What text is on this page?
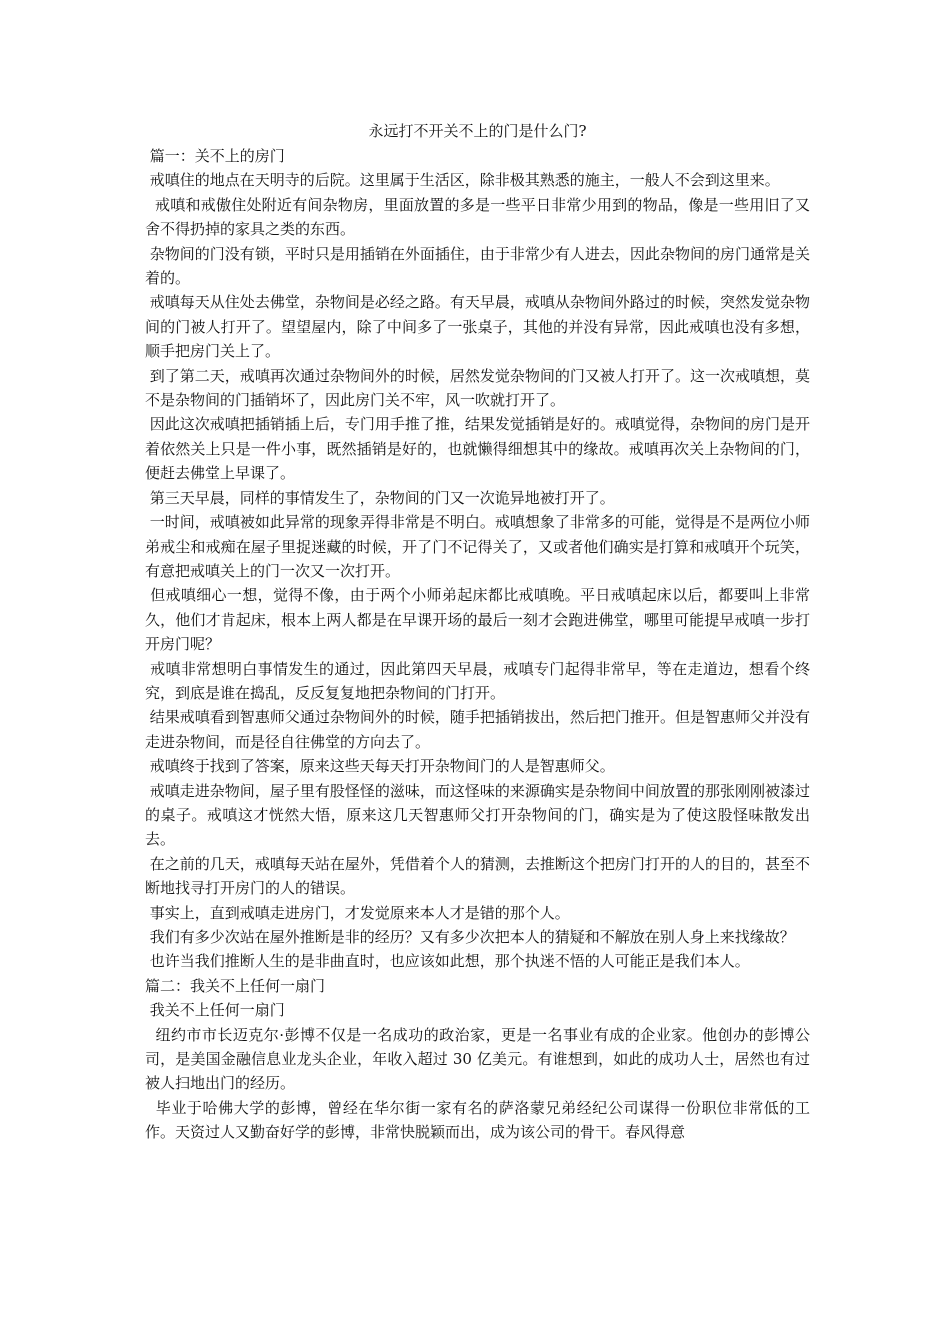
永远打不开关不上的门是什么门?

篇一：关不上的房门

戒嗔住的地点在天明寺的后院。这里属于生活区，除非极其熟悉的施主，一般人不会到这里来。

戒嗔和戒傲住处附近有间杂物房，里面放置的多是一些平日非常少用到的物品，像是一些用旧了又舍不得扔掉的家具之类的东西。

杂物间的门没有锁，平时只是用插销在外面插住，由于非常少有人进去，因此杂物间的房门通常是关着的。

戒嗔每天从住处去佛堂，杂物间是必经之路。有天早晨，戒嗔从杂物间外路过的时候，突然发觉杂物间的门被人打开了。望望屋内，除了中间多了一张桌子，其他的并没有异常，因此戒嗔也没有多想，顺手把房门关上了。

到了第二天，戒嗔再次通过杂物间外的时候，居然发觉杂物间的门又被人打开了。这一次戒嗔想，莫不是杂物间的门插销坏了，因此房门关不牢，风一吹就打开了。

因此这次戒嗔把插销插上后，专门用手推了推，结果发觉插销是好的。戒嗔觉得，杂物间的房门是开着依然关上只是一件小事，既然插销是好的，也就懒得细想其中的缘故。戒嗔再次关上杂物间的门，便赶去佛堂上早课了。

第三天早晨，同样的事情发生了，杂物间的门又一次诡异地被打开了。

一时间，戒嗔被如此异常的现象弄得非常是不明白。戒嗔想象了非常多的可能，觉得是不是两位小师弟戒尘和戒痴在屋子里捉迷藏的时候，开了门不记得关了，又或者他们确实是打算和戒嗔开个玩笑，有意把戒嗔关上的门一次又一次打开。

但戒嗔细心一想，觉得不像，由于两个小师弟起床都比戒嗔晚。平日戒嗔起床以后，都要叫上非常久，他们才肯起床，根本上两人都是在早课开场的最后一刻才会跑进佛堂，哪里可能提早戒嗔一步打开房门呢？

戒嗔非常想明白事情发生的通过，因此第四天早晨，戒嗔专门起得非常早，等在走道边，想看个终究，到底是谁在捣乱，反反复复地把杂物间的门打开。

结果戒嗔看到智惠师父通过杂物间外的时候，随手把插销拔出，然后把门推开。但是智惠师父并没有走进杂物间，而是径自往佛堂的方向去了。

戒嗔终于找到了答案，原来这些天每天打开杂物间门的人是智惠师父。

戒嗔走进杂物间，屋子里有股怪怪的滋味，而这怪味的来源确实是杂物间中间放置的那张刚刚被漆过的桌子。戒嗔这才恍然大悟，原来这几天智惠师父打开杂物间的门，确实是为了使这股怪味散发出去。

在之前的几天，戒嗔每天站在屋外，凭借着个人的猜测，去推断这个把房门打开的人的目的，甚至不断地找寻打开房门的人的错误。

事实上，直到戒嗔走进房门，才发觉原来本人才是错的那个人。

我们有多少次站在屋外推断是非的经历？又有多少次把本人的猜疑和不解放在别人身上来找缘故？

也许当我们推断人生的是非曲直时，也应该如此想，那个执迷不悟的人可能正是我们本人。

篇二：我关不上任何一扇门

我关不上任何一扇门

纽约市市长迈克尔·彭博不仅是一名成功的政治家，更是一名事业有成的企业家。他创办的彭博公司，是美国金融信息业龙头企业，年收入超过 30 亿美元。有谁想到，如此的成功人士，居然也有过被人扫地出门的经历。

毕业于哈佛大学的彭博，曾经在华尔街一家有名的萨洛蒙兄弟经纪公司谋得一份职位非常低的工作。天资过人又勤奋好学的彭博，非常快脱颖而出，成为该公司的骨干。春风得意
